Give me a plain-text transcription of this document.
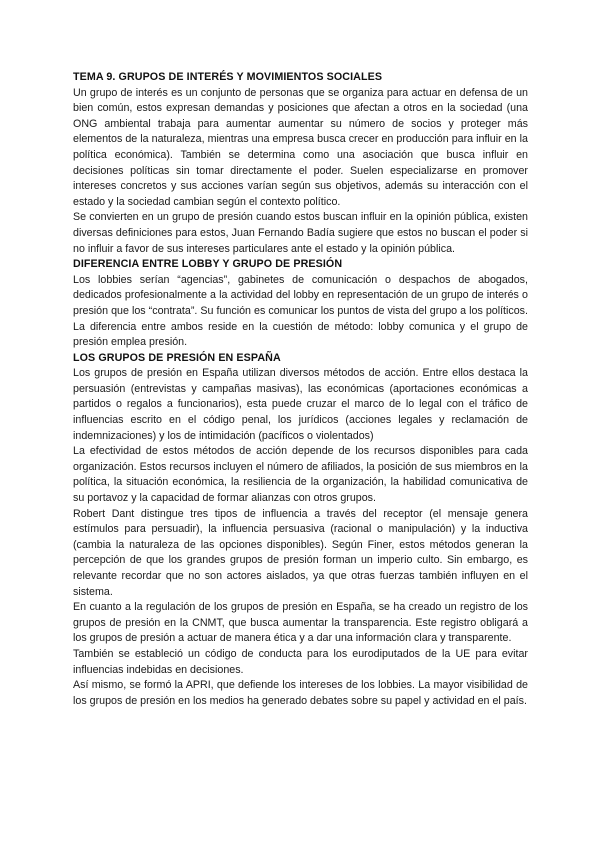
TEMA 9. GRUPOS DE INTERÉS Y MOVIMIENTOS SOCIALES

Un grupo de interés es un conjunto de personas que se organiza para actuar en defensa de un bien común, estos expresan demandas y posiciones que afectan a otros en la sociedad (una ONG ambiental trabaja para aumentar aumentar su número de socios y proteger más elementos de la naturaleza, mientras una empresa busca crecer en producción para influir en la política económica). También se determina como una asociación que busca influir en decisiones políticas sin tomar directamente el poder. Suelen especializarse en promover intereses concretos y sus acciones varían según sus objetivos, además su interacción con el estado y la sociedad cambian según el contexto político.

Se convierten en un grupo de presión cuando estos buscan influir en la opinión pública, existen diversas definiciones para estos, Juan Fernando Badía sugiere que estos no buscan el poder si no influir a favor de sus intereses particulares ante el estado y la opinión pública.

DIFERENCIA ENTRE LOBBY Y GRUPO DE PRESIÓN

Los lobbies serían “agencias”, gabinetes de comunicación o despachos de abogados, dedicados profesionalmente a la actividad del lobby en representación de un grupo de interés o presión que los “contrata”. Su función es comunicar los puntos de vista del grupo a los políticos. La diferencia entre ambos reside en la cuestión de método: lobby comunica y el grupo de presión emplea presión.

LOS GRUPOS DE PRESIÓN EN ESPAÑA

Los grupos de presión en España utilizan diversos métodos de acción. Entre ellos destaca la persuasión (entrevistas y campañas masivas), las económicas (aportaciones económicas a partidos o regalos a funcionarios), esta puede cruzar el marco de lo legal con el tráfico de influencias escrito en el código penal, los jurídicos (acciones legales y reclamación de indemnizaciones) y los de intimidación (pacíficos o violentados)

La efectividad de estos métodos de acción depende de los recursos disponibles para cada organización. Estos recursos incluyen el número de afiliados, la posición de sus miembros en la política, la situación económica, la resiliencia de la organización, la habilidad comunicativa de su portavoz y la capacidad de formar alianzas con otros grupos.

Robert Dant distingue tres tipos de influencia a través del receptor (el mensaje genera estímulos para persuadir), la influencia persuasiva (racional o manipulación) y la inductiva (cambia la naturaleza de las opciones disponibles). Según Finer, estos métodos generan la percepción de que los grandes grupos de presión forman un imperio culto. Sin embargo, es relevante recordar que no son actores aislados, ya que otras fuerzas también influyen en el sistema.

En cuanto a la regulación de los grupos de presión en España, se ha creado un registro de los grupos de presión en la CNMT, que busca aumentar la transparencia. Este registro obligará a los grupos de presión a actuar de manera ética y a dar una información clara y transparente.

También se estableció un código de conducta para los eurodiputados de la UE para evitar influencias indebidas en decisiones.

Así mismo, se formó la APRI, que defiende los intereses de los lobbies. La mayor visibilidad de los grupos de presión en los medios ha generado debates sobre su papel y actividad en el país.
